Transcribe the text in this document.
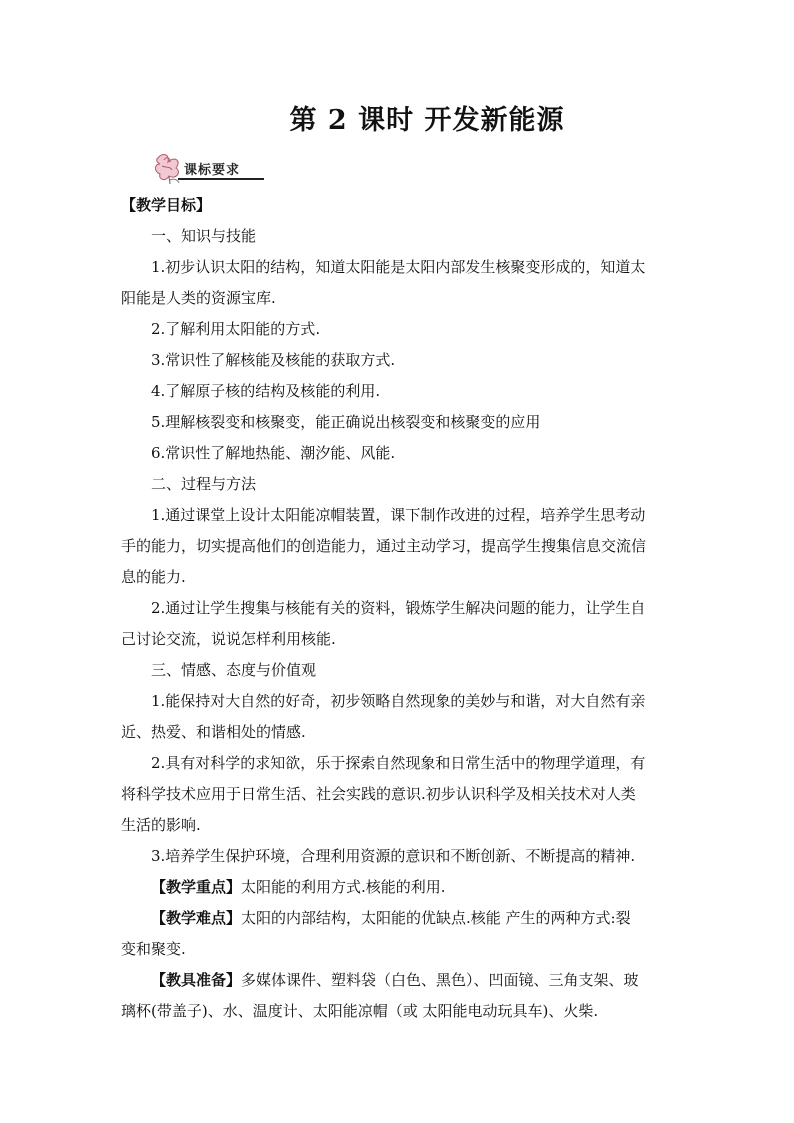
第 2 课时 开发新能源
课标要求
【教学目标】
一、知识与技能
1.初步认识太阳的结构，知道太阳能是太阳内部发生核聚变形成的，知道太
阳能是人类的资源宝库.
2.了解利用太阳能的方式.
3.常识性了解核能及核能的获取方式.
4.了解原子核的结构及核能的利用.
5.理解核裂变和核聚变，能正确说出核裂变和核聚变的应用
6.常识性了解地热能、潮汐能、风能.
二、过程与方法
1.通过课堂上设计太阳能凉帽装置，课下制作改进的过程，培养学生思考动
手的能力，切实提高他们的创造能力，通过主动学习，提高学生搜集信息交流信
息的能力.
2.通过让学生搜集与核能有关的资料，锻炼学生解决问题的能力，让学生自
己讨论交流，说说怎样利用核能.
三、情感、态度与价值观
1.能保持对大自然的好奇，初步领略自然现象的美妙与和谐，对大自然有亲
近、热爱、和谐相处的情感.
2.具有对科学的求知欲，乐于探索自然现象和日常生活中的物理学道理，有
将科学技术应用于日常生活、社会实践的意识.初步认识科学及相关技术对人类
生活的影响.
3.培养学生保护环境，合理利用资源的意识和不断创新、不断提高的精神.
【教学重点】太阳能的利用方式.核能的利用.
【教学难点】太阳的内部结构，太阳能的优缺点.核能 产生的两种方式:裂
变和聚变.
【教具准备】多媒体课件、塑料袋（白色、黑色）、凹面镜、三角支架、玻
璃杯(带盖子)、水、温度计、太阳能凉帽（或 太阳能电动玩具车)、火柴.
